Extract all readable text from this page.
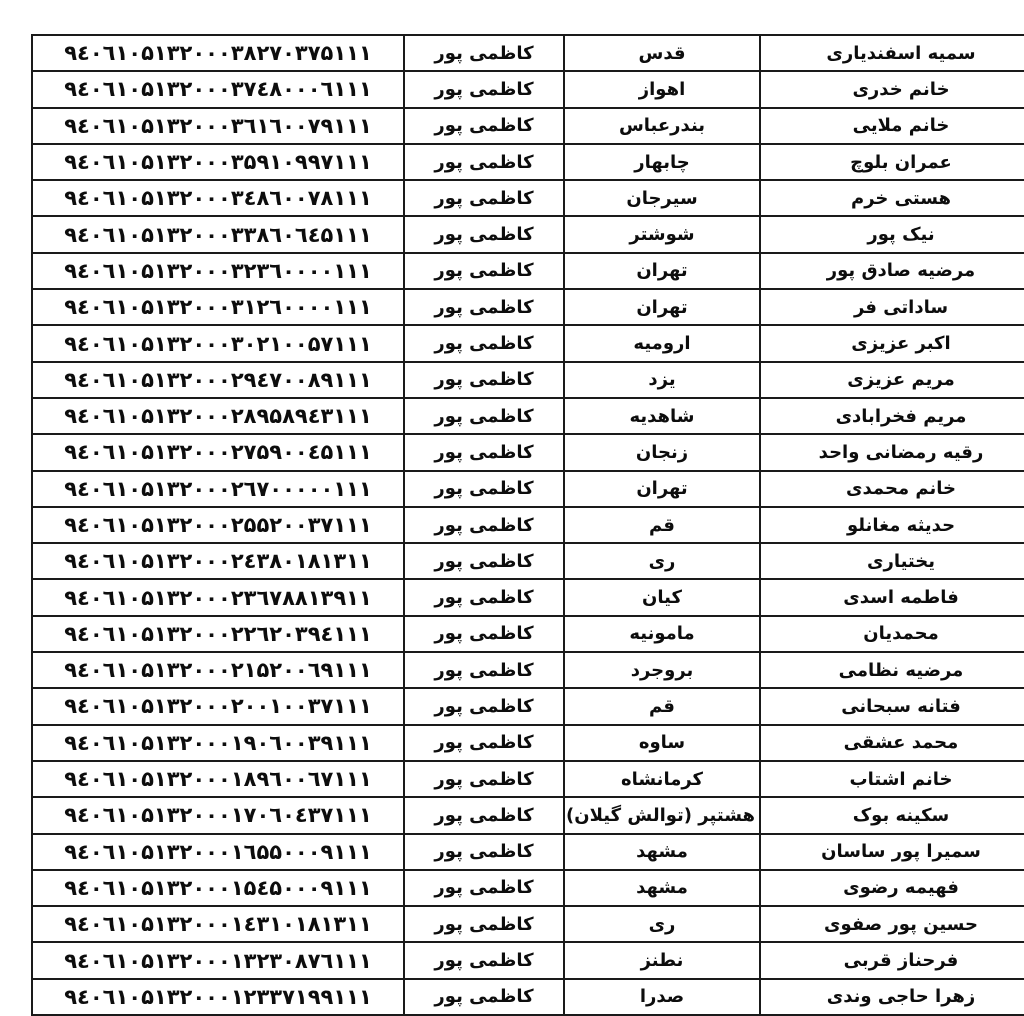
۹٤۰٦۱۰۵۱۳۲۰۰۰۳۸۲۷۰۳۷۵۱۱۱	کاظمی پور	قدس	سمیه اسفندیاری
۹٤۰٦۱۰۵۱۳۲۰۰۰۳۷٤۸۰۰۰٦۱۱۱	کاظمی پور	اهواز	خانم خدری
۹٤۰٦۱۰۵۱۳۲۰۰۰۳٦۱٦۰۰۷۹۱۱۱	کاظمی پور	بندرعباس	خانم ملایی
۹٤۰٦۱۰۵۱۳۲۰۰۰۳۵۹۱۰۹۹۷۱۱۱	کاظمی پور	چابهار	عمران بلوچ
۹٤۰٦۱۰۵۱۳۲۰۰۰۳٤۸٦۰۰۷۸۱۱۱	کاظمی پور	سیرجان	هستی خرم
۹٤۰٦۱۰۵۱۳۲۰۰۰۳۳۸٦۰٦٤۵۱۱۱	کاظمی پور	شوشتر	نیک پور
۹٤۰٦۱۰۵۱۳۲۰۰۰۳۲۳٦۰۰۰۰۱۱۱	کاظمی پور	تهران	مرضیه صادق پور
۹٤۰٦۱۰۵۱۳۲۰۰۰۳۱۲٦۰۰۰۰۱۱۱	کاظمی پور	تهران	ساداتی فر
۹٤۰٦۱۰۵۱۳۲۰۰۰۳۰۲۱۰۰۵۷۱۱۱	کاظمی پور	ارومیه	اکبر عزیزی
۹٤۰٦۱۰۵۱۳۲۰۰۰۲۹٤۷۰۰۸۹۱۱۱	کاظمی پور	یزد	مریم عزیزی
۹٤۰٦۱۰۵۱۳۲۰۰۰۲۸۹۵۸۹٤۳۱۱۱	کاظمی پور	شاهدیه	مریم فخرابادی
۹٤۰٦۱۰۵۱۳۲۰۰۰۲۷۵۹۰۰٤۵۱۱۱	کاظمی پور	زنجان	رقیه رمضانی واحد
۹٤۰٦۱۰۵۱۳۲۰۰۰۲٦۷۰۰۰۰۰۱۱۱	کاظمی پور	تهران	خانم محمدی
۹٤۰٦۱۰۵۱۳۲۰۰۰۲۵۵۲۰۰۳۷۱۱۱	کاظمی پور	قم	حدیثه مغانلو
۹٤۰٦۱۰۵۱۳۲۰۰۰۲٤۳۸۰۱۸۱۳۱۱	کاظمی پور	ری	یختیاری
۹٤۰٦۱۰۵۱۳۲۰۰۰۲۳٦۷۸۸۱۳۹۱۱	کاظمی پور	کیان	فاطمه اسدی
۹٤۰٦۱۰۵۱۳۲۰۰۰۲۲٦۲۰۳۹٤۱۱۱	کاظمی پور	مامونیه	محمدیان
۹٤۰٦۱۰۵۱۳۲۰۰۰۲۱۵۲۰۰٦۹۱۱۱	کاظمی پور	بروجرد	مرضیه نظامی
۹٤۰٦۱۰۵۱۳۲۰۰۰۲۰۰۱۰۰۳۷۱۱۱	کاظمی پور	قم	فتانه سبحانی
۹٤۰٦۱۰۵۱۳۲۰۰۰۱۹۰٦۰۰۳۹۱۱۱	کاظمی پور	ساوه	محمد عشقی
۹٤۰٦۱۰۵۱۳۲۰۰۰۱۸۹٦۰۰٦۷۱۱۱	کاظمی پور	کرمانشاه	خانم اشتاب
۹٤۰٦۱۰۵۱۳۲۰۰۰۱۷۰٦۰٤۳۷۱۱۱	کاظمی پور	هشتپر (توالش گیلان)	سکینه بوک
۹٤۰٦۱۰۵۱۳۲۰۰۰۱٦۵۵۰۰۰۹۱۱۱	کاظمی پور	مشهد	سمیرا پور ساسان
۹٤۰٦۱۰۵۱۳۲۰۰۰۱۵٤۵۰۰۰۹۱۱۱	کاظمی پور	مشهد	فهیمه رضوی
۹٤۰٦۱۰۵۱۳۲۰۰۰۱٤۳۱۰۱۸۱۳۱۱	کاظمی پور	ری	حسین پور صفوی
۹٤۰٦۱۰۵۱۳۲۰۰۰۱۳۲۳۰۸۷٦۱۱۱	کاظمی پور	نطنز	فرحناز قربی
۹٤۰٦۱۰۵۱۳۲۰۰۰۱۲۳۳۷۱۹۹۱۱۱	کاظمی پور	صدرا	زهرا حاجی وندی
